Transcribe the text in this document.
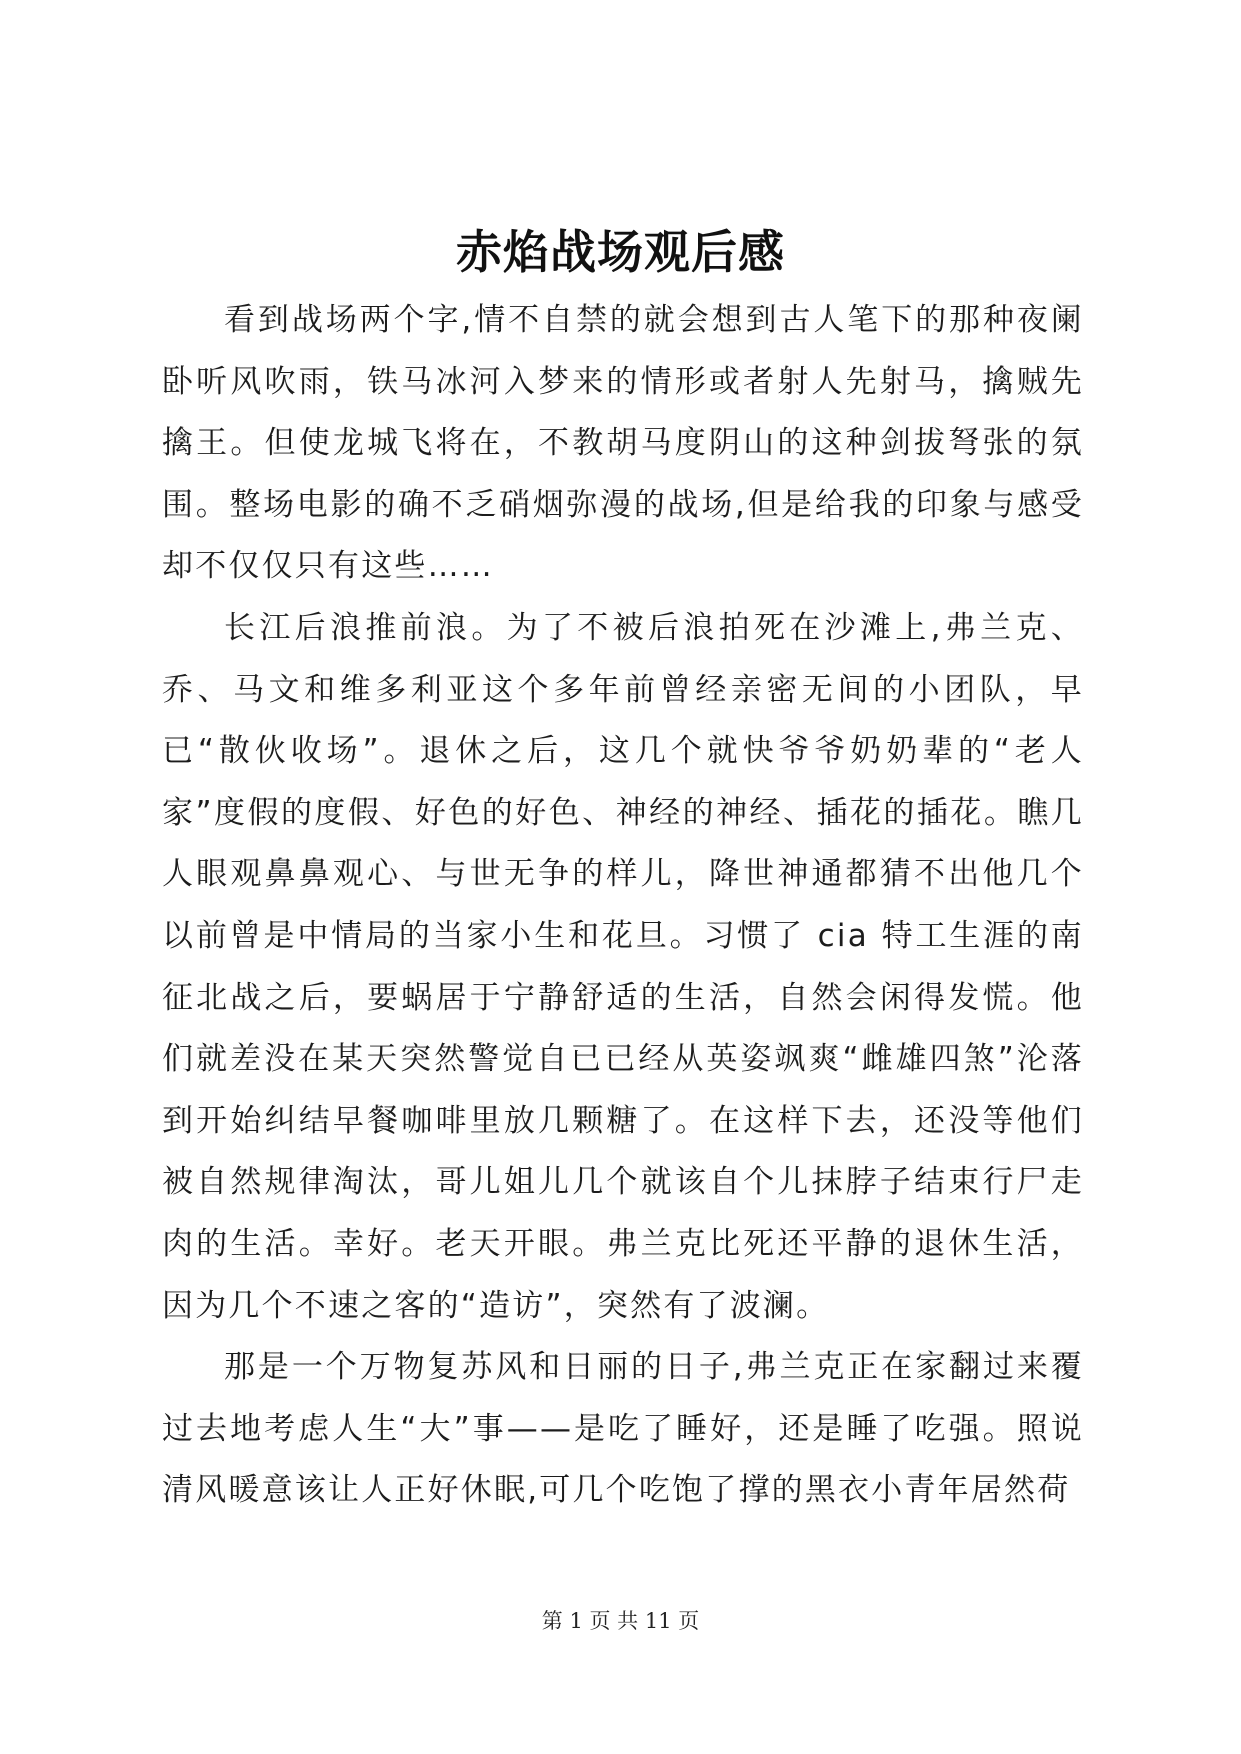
赤焰战场观后感

看到战场两个字,情不自禁的就会想到古人笔下的那种夜阑卧听风吹雨，铁马冰河入梦来的情形或者射人先射马，擒贼先擒王。但使龙城飞将在，不教胡马度阴山的这种剑拔弩张的氛围。整场电影的确不乏硝烟弥漫的战场,但是给我的印象与感受却不仅仅只有这些……

长江后浪推前浪。为了不被后浪拍死在沙滩上,弗兰克、乔、马文和维多利亚这个多年前曾经亲密无间的小团队，早已“散伙收场”。退休之后，这几个就快爷爷奶奶辈的“老人家”度假的度假、好色的好色、神经的神经、插花的插花。瞧几人眼观鼻鼻观心、与世无争的样儿，降世神通都猜不出他几个以前曾是中情局的当家小生和花旦。习惯了 cia 特工生涯的南征北战之后，要蜗居于宁静舒适的生活，自然会闲得发慌。他们就差没在某天突然警觉自已已经从英姿飒爽“雌雄四煞”沦落到开始纠结早餐咖啡里放几颗糖了。在这样下去，还没等他们被自然规律淘汰，哥儿姐儿几个就该自个儿抹脖子结束行尸走肉的生活。幸好。老天开眼。弗兰克比死还平静的退休生活，因为几个不速之客的“造访”，突然有了波澜。

那是一个万物复苏风和日丽的日子,弗兰克正在家翻过来覆过去地考虑人生“大”事——是吃了睡好，还是睡了吃强。照说清风暖意该让人正好休眠,可几个吃饱了撑的黑衣小青年居然荷

第 1 页 共 11 页
